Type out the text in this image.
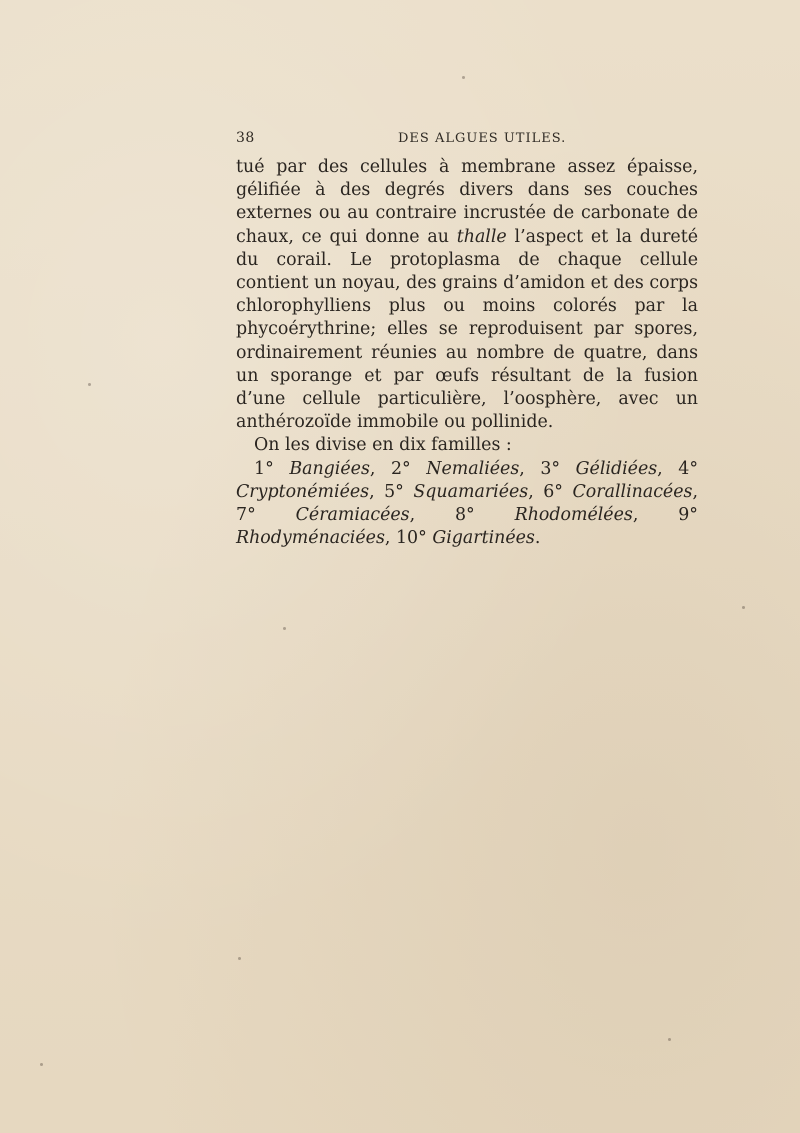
38	DES ALGUES UTILES.

tué par des cellules à membrane assez épaisse, gélifiée à des degrés divers dans ses couches externes ou au contraire incrustée de carbonate de chaux, ce qui donne au thalle l’aspect et la dureté du corail. Le protoplasma de chaque cellule contient un noyau, des grains d’amidon et des corps chlorophylliens plus ou moins colorés par la phycoérythrine; elles se reproduisent par spores, ordinairement réunies au nombre de quatre, dans un sporange et par œufs résultant de la fusion d’une cellule particulière, l’oosphère, avec un anthérozoïde immobile ou pollinide.

On les divise en dix familles :

1° Bangiées, 2° Nemaliées, 3° Gélidiées, 4° Cryptonémiées, 5° Squamariées, 6° Corallinacées, 7° Céramiacées, 8° Rhodomélées, 9° Rhodyménaciées, 10° Gigartinées.
